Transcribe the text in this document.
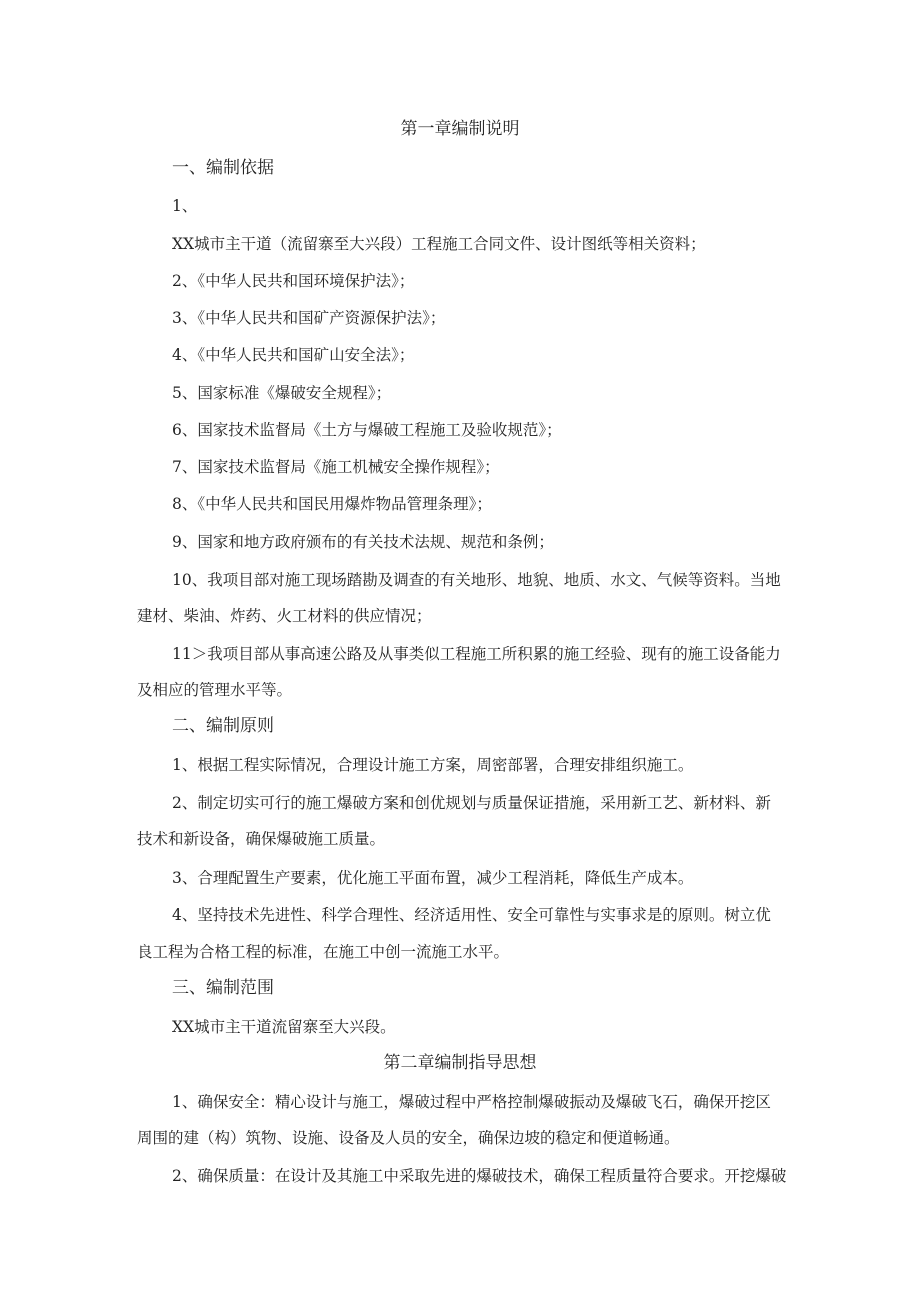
第一章编制说明
一、编制依据
1、
XX城市主干道（流留寨至大兴段）工程施工合同文件、设计图纸等相关资料；
2、《中华人民共和国环境保护法》；
3、《中华人民共和国矿产资源保护法》；
4、《中华人民共和国矿山安全法》；
5、国家标准《爆破安全规程》；
6、国家技术监督局《土方与爆破工程施工及验收规范》；
7、国家技术监督局《施工机械安全操作规程》；
8、《中华人民共和国民用爆炸物品管理条理》；
9、国家和地方政府颁布的有关技术法规、规范和条例；
10、我项目部对施工现场踏勘及调查的有关地形、地貌、地质、水文、气候等资料。当地
建材、柴油、炸药、火工材料的供应情况；
11＞我项目部从事高速公路及从事类似工程施工所积累的施工经验、现有的施工设备能力
及相应的管理水平等。
二、编制原则
1、根据工程实际情况，合理设计施工方案，周密部署，合理安排组织施工。
2、制定切实可行的施工爆破方案和创优规划与质量保证措施，采用新工艺、新材料、新
技术和新设备，确保爆破施工质量。
3、合理配置生产要素，优化施工平面布置，减少工程消耗，降低生产成本。
4、坚持技术先进性、科学合理性、经济适用性、安全可靠性与实事求是的原则。树立优
良工程为合格工程的标准，在施工中创一流施工水平。
三、编制范围
XX城市主干道流留寨至大兴段。
第二章编制指导思想
1、确保安全：精心设计与施工，爆破过程中严格控制爆破振动及爆破飞石，确保开挖区
周围的建（构）筑物、设施、设备及人员的安全，确保边坡的稳定和便道畅通。
2、确保质量：在设计及其施工中采取先进的爆破技术，确保工程质量符合要求。开挖爆破
